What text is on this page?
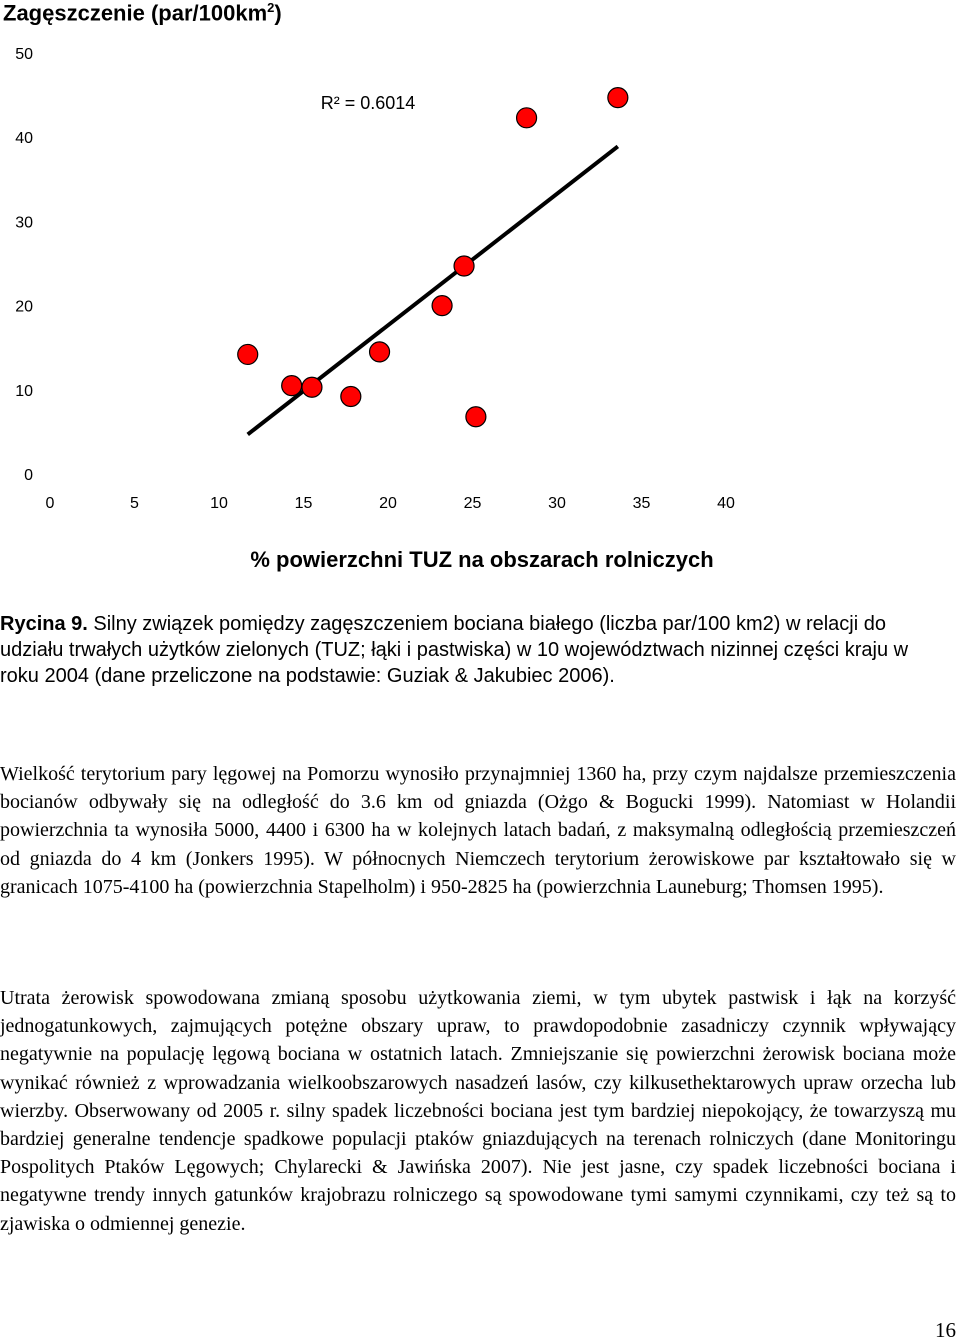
Zagęszczenie $(par/100km^2)$
50
40
30
20
10
0
0	5	10	15	20	25	30	35	40
R² = 0.6014
% powierzchni TUZ na obszarach rolniczych
Rycina 9. Silny związek pomiędzy zagęszczeniem bociana białego (liczba par/100 km2) w relacji do udziału trwałych użytków zielonych (TUZ; łąki i pastwiska) w 10 województwach nizinnej części kraju w roku 2004 (dane przeliczone na podstawie: Guziak & Jakubiec 2006).

Wielkość terytorium pary lęgowej na Pomorzu wynosiło przynajmniej 1360 ha, przy czym najdalsze przemieszczenia bocianów odbywały się na odległość do 3.6 km od gniazda (Ożgo & Bogucki 1999). Natomiast w Holandii powierzchnia ta wynosiła 5000, 4400 i 6300 ha w kolejnych latach badań, z maksymalną odległością przemieszczeń od gniazda do 4 km (Jonkers 1995). W północnych Niemczech terytorium żerowiskowe par kształtowało się w granicach 1075-4100 ha (powierzchnia Stapelholm) i 950-2825 ha (powierzchnia Launeburg; Thomsen 1995).

Utrata żerowisk spowodowana zmianą sposobu użytkowania ziemi, w tym ubytek pastwisk i łąk na korzyść jednogatunkowych, zajmujących potężne obszary upraw, to prawdopodobnie zasadniczy czynnik wpływający negatywnie na populację lęgową bociana w ostatnich latach. Zmniejszanie się powierzchni żerowisk bociana może wynikać również z wprowadzania wielkoobszarowych nasadzeń lasów, czy kilkusethektarowych upraw orzecha lub wierzby. Obserwowany od 2005 r. silny spadek liczebności bociana jest tym bardziej niepokojący, że towarzyszą mu bardziej generalne tendencje spadkowe populacji ptaków gniazdujących na terenach rolniczych (dane Monitoringu Pospolitych Ptaków Lęgowych; Chylarecki & Jawińska 2007). Nie jest jasne, czy spadek liczebności bociana i negatywne trendy innych gatunków krajobrazu rolniczego są spowodowane tymi samymi czynnikami, czy też są to zjawiska o odmiennej genezie.

16
